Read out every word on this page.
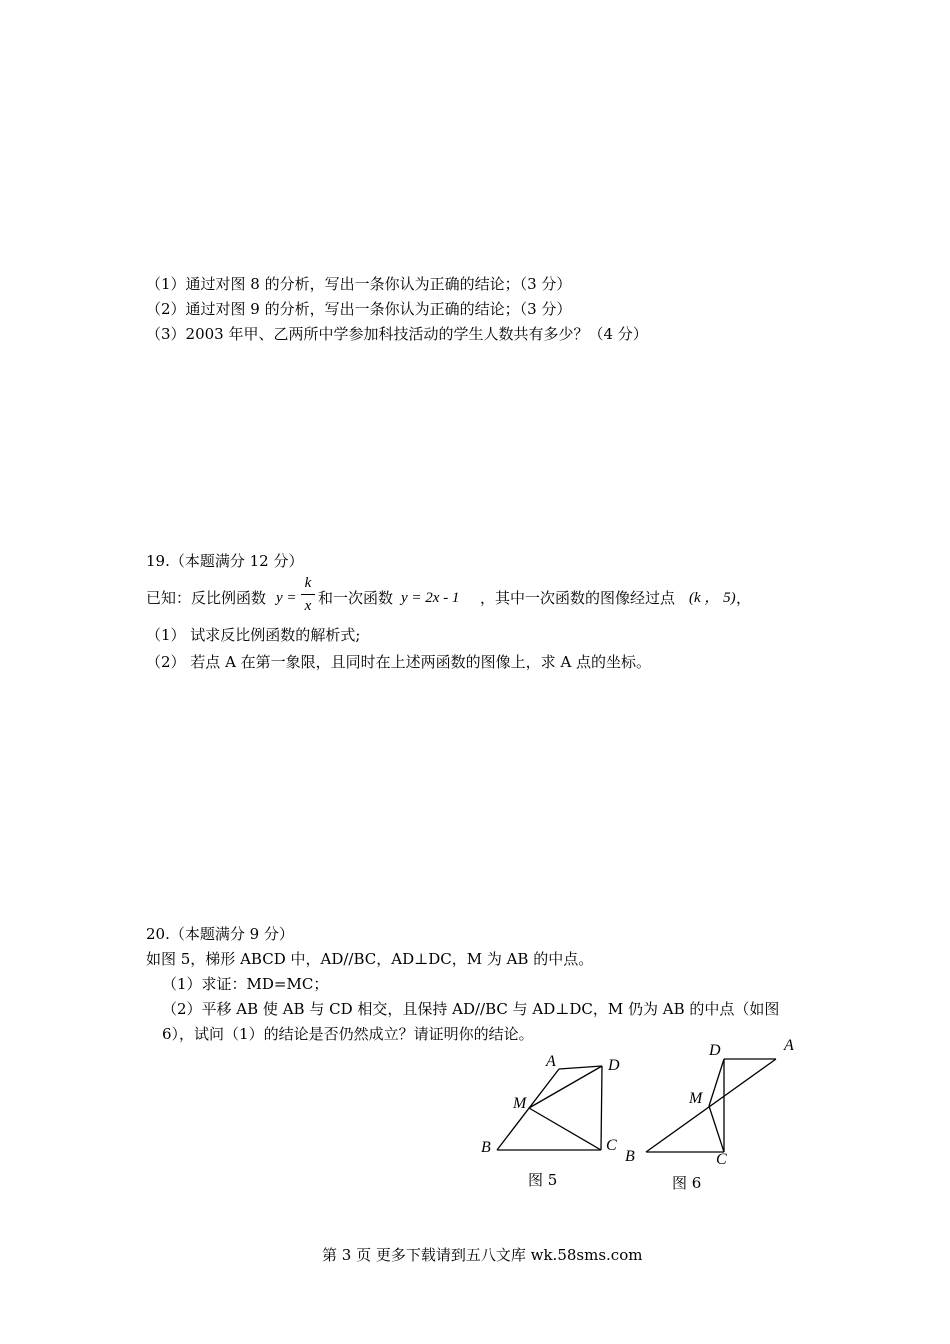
（1）通过对图 8 的分析，写出一条你认为正确的结论；（3 分）
（2）通过对图 9 的分析，写出一条你认为正确的结论；（3 分）
（3）2003 年甲、乙两所中学参加科技活动的学生人数共有多少？（4 分）
19.（本题满分 12 分）
已知：反比例函数 y =
k
x 和一次函数 y = 2x - 1 ，其中一次函数的图像经过点 (k ， 5) ，
（1） 试求反比例函数的解析式;
（2） 若点 A 在第一象限，且同时在上述两函数的图像上，求 A 点的坐标。
20.（本题满分 9 分）
如图 5，梯形 ABCD 中，AD//BC，AD⊥DC，M 为 AB 的中点。
（1）求证：MD=MC；
（2）平移 AB 使 AB 与 CD 相交，且保持 AD//BC 与 AD⊥DC，M 仍为 AB 的中点（如图
6），试问（1）的结论是否仍然成立？请证明你的结论。
A	D
M
B	C
图 5
A
D
M
B	C
图 6
第 3 页 更多下载请到五八文库 wk.58sms.com
